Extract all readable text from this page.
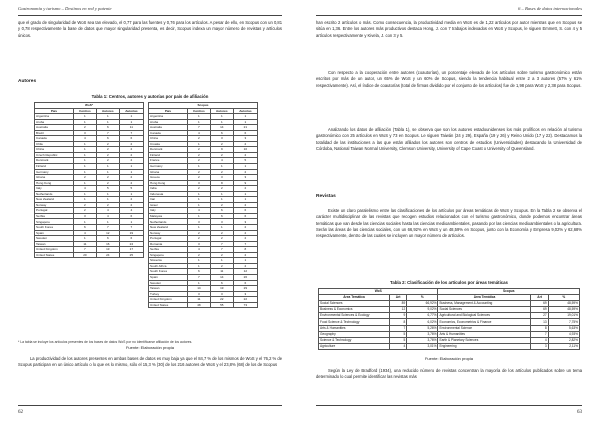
Gastronomía y turismo – Destinos en red y patente
que el grado de singularidad de WoS sea tan elevado, el 0,77 para las fuentes y 0,76 para los artículos. A pesar de ello, en Scopus con un 0,81 y 0,78 respectivamente la base de datos que mayor singularidad presenta, es decir, Scopus indexa un mayor número de revistas y artículos únicos.
Autores
Tabla 1: Centros, autores y autorías por país de afiliación
WoS*			
País	Centros	Autores	Autorías
Argentina	1	1	1
Aruba	1	1	1
Australia	2	6	11
Brazil	3	7	7
Canada	4	6	6
Chile	1	2	2
China	1	2	2
Czech Republic	1	2	2
Denmark	1	2	2
Finland	1	1	1
Germany	1	1	1
Ghana	2	2	2
Hong Kong	1	2	2
Italy	4	5	5
Netherlands	1	1	1
New Zealand	1	1	2
Norway	2	2	2
Portugal	2	4	4
Serbia	3	4	6
Singapore	1	1	1
South Korea	6	7	7
Spain	4	12	19
Sweden	1	6	6
Taiwan	11	16	24
United Kingdom	7	13	17
United States	20	24	25
Scopus			
País	Centros	Autores	Autorías
Argentina	1	1	1
Aruba	1	1	1
Australia	7	14	21
Canada	4	6	6
China	2	3	3
Croatia	1	2	2
Denmark	2	9	10
Finland	2	2	2
France	2	4	5
Germany	1	1	1
Ghana	2	2	2
Greece	2	3	3
Hong Kong	3	8	9
India	2	2	2
Indonesia	1	1	1
Iran	1	1	1
Israel	1	2	2
Italy	4	6	6
Malaysia	1	6	6
Netherlands	3	3	3
New Zealand	1	1	2
Norway	2	2	2
Portugal	2	2	2
Romania	3	7	7
Serbia	4	7	8
Singapore	2	2	2
Slovenia	1	1	1
South Africa	1	2	2
South Korea	6	11	12
Spain	7	14	26
Sweden	1	6	6
Taiwan	14	19	29
Turkey	3	3	3
United Kingdom	11	22	22
United States	48	55	73
* La tabla se incluye los artículos presentes de los bases de datos WoS por no identificarse afiliación de los autores.
Fuente: Elaboración propia
La productividad de los autores presentes en ambas bases de datos es muy baja ya que el 84,7 % de los mismos de WoS y el 76,2 % de Scopus participan en un único artículo o lo que es lo mismo, sólo el 15,3 % (30) de los 216 autores de WoS y el 23,8% (68) de los de Scopus
62
6 – Bases de datos internacionales
han escrito 2 artículos o más. Como consecuencia, la productividad media en WoS es de 1,22 artículos por autor mientras que en Scopus se sitúa en 1,36. Entre los autores más productivos destaca Hong, J. con 7 trabajos indexados en WoS y Scopus, le siguen Emmett, S. con 4 y 5 artículos respectivamente y Kivela, J. con 3 y 5.
Con respecto a la cooperación entre autores (coautorías), un porcentaje elevado de los artículos sobre turismo gastronómico están escritos por más de un autor, un 65% de WoS y un 60% de Scopus, siendo la tendencia habitual entre 2 a 3 autores (57% y 61% respectivamente). Así, el índice de coautorías (total de firmas dividido por el conjunto de los artículos) fue de 1,98 para WoS y 2,38 para Scopus.
Analizando los datos de afiliación (Tabla 1), se observa que son los autores estadounidenses los más prolíficos en relación al turismo gastronómico con 25 artículos en WoS y 73 en Scopus. Le siguen Taiwán (24 y 29), España (19 y 26) y Reino Unido (17 y 22). Destacamos la totalidad de las instituciones a las que están afiliados los autores son centros de estudios (Universidades) destacando la Universidad de Córdoba, National Taiwan Normal University, Clemson University, University of Cape Coast o University of Queensland.
Revistas
Existe un claro paralelismo entre las clasificaciones de los artículos por áreas temáticas de WoS y Scopus. En la Tabla 2 se observa el carácter multidisciplinar de las revistas que recogen estudios relacionados con el turismo gastronómico, donde podemos encontrar áreas temáticas que van desde las ciencias sociales hasta las ciencias medioambientales, pasando por las ciencias medioambientales o la agricultura. Serán las áreas de las ciencias sociales, con un 66,92% en WoS y un 48,59% en Scopus, junto con la Economía y Empresa 9,02% y 62,68% respectivamente, dentro de las cuales se incluyen un mayor número de artículos.
Tabla 2: Clasificación de los artículos por áreas temáticas
WoS			Scopus		
Área Temática	Art	%	Área Temática	Art	%
Social Sciences	89	66,92%	Business, Management & Accounting	69	48,59%
Business & Economics	12	9,02%	Social Sciences	69	48,59%
Environmental Sciences & Ecology	9	6,77%	Agricultural and Biological Sciences	27	19,01%
Food Science & Technology	8	6,02%	Economics, Econometrics & Finance	13	7,75%
Arts & Humanities	7	5,26%	Environmental Science	8	5,63%
Geography	5	3,76%	Arts & Humanities	7	4,93%
Science & Technology	5	3,76%	Earth & Planetary Sciences	4	2,82%
Agriculture	4	3,01%	Engineering	3	2,11%
Fuente: Elaboración propia
Según la Ley de Bradford (1934), una reducido número de revistas concentran la mayoría de los artículos publicados sobre un tema determinado lo cual permite identificar las revistas más
63
